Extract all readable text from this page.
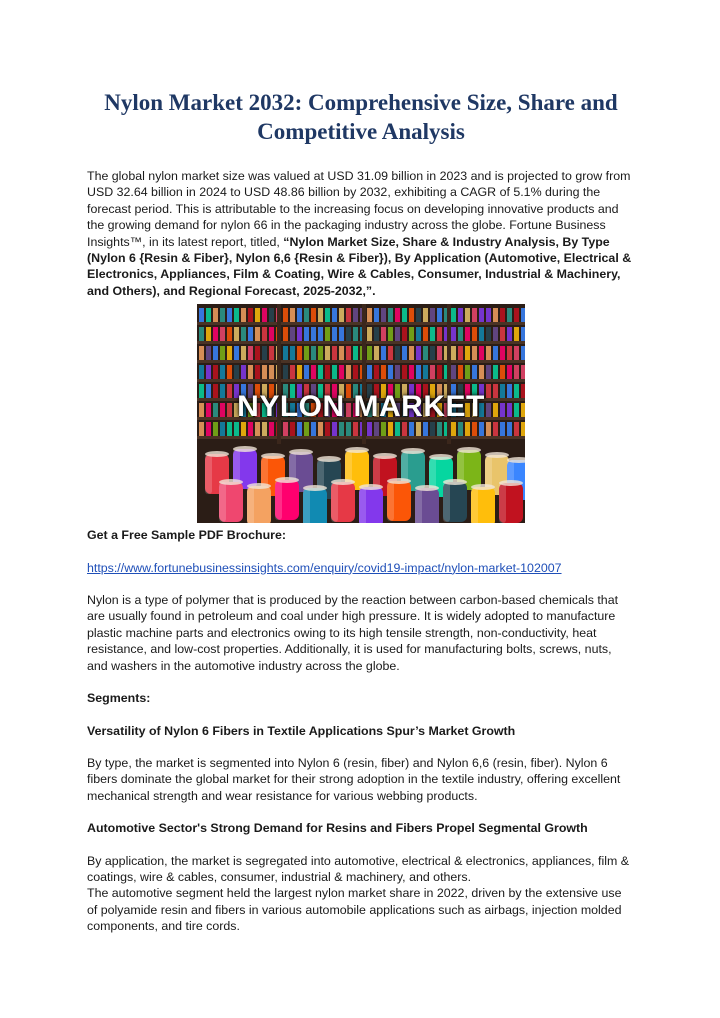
Nylon Market 2032: Comprehensive Size, Share and Competitive Analysis

The global nylon market size was valued at USD 31.09 billion in 2023 and is projected to grow from USD 32.64 billion in 2024 to USD 48.86 billion by 2032, exhibiting a CAGR of 5.1% during the forecast period. This is attributable to the increasing focus on developing innovative products and the growing demand for nylon 66 in the packaging industry across the globe. Fortune Business Insights™, in its latest report, titled, “Nylon Market Size, Share & Industry Analysis, By Type (Nylon 6 {Resin & Fiber}, Nylon 6,6 {Resin & Fiber}), By Application (Automotive, Electrical & Electronics, Appliances, Film & Coating, Wire & Cables, Consumer, Industrial & Machinery, and Others), and Regional Forecast, 2025-2032,”.

NYLON MARKET

Get a Free Sample PDF Brochure:

https://www.fortunebusinessinsights.com/enquiry/covid19-impact/nylon-market-102007

Nylon is a type of polymer that is produced by the reaction between carbon-based chemicals that are usually found in petroleum and coal under high pressure. It is widely adopted to manufacture plastic machine parts and electronics owing to its high tensile strength, non-conductivity, heat resistance, and low-cost properties. Additionally, it is used for manufacturing bolts, screws, nuts, and washers in the automotive industry across the globe.

Segments:

Versatility of Nylon 6 Fibers in Textile Applications Spur’s Market Growth

By type, the market is segmented into Nylon 6 (resin, fiber) and Nylon 6,6 (resin, fiber). Nylon 6 fibers dominate the global market for their strong adoption in the textile industry, offering excellent mechanical strength and wear resistance for various webbing products.

Automotive Sector's Strong Demand for Resins and Fibers Propel Segmental Growth

By application, the market is segregated into automotive, electrical & electronics, appliances, film & coatings, wire & cables, consumer, industrial & machinery, and others.

The automotive segment held the largest nylon market share in 2022, driven by the extensive use of polyamide resin and fibers in various automobile applications such as airbags, injection molded components, and tire cords.
